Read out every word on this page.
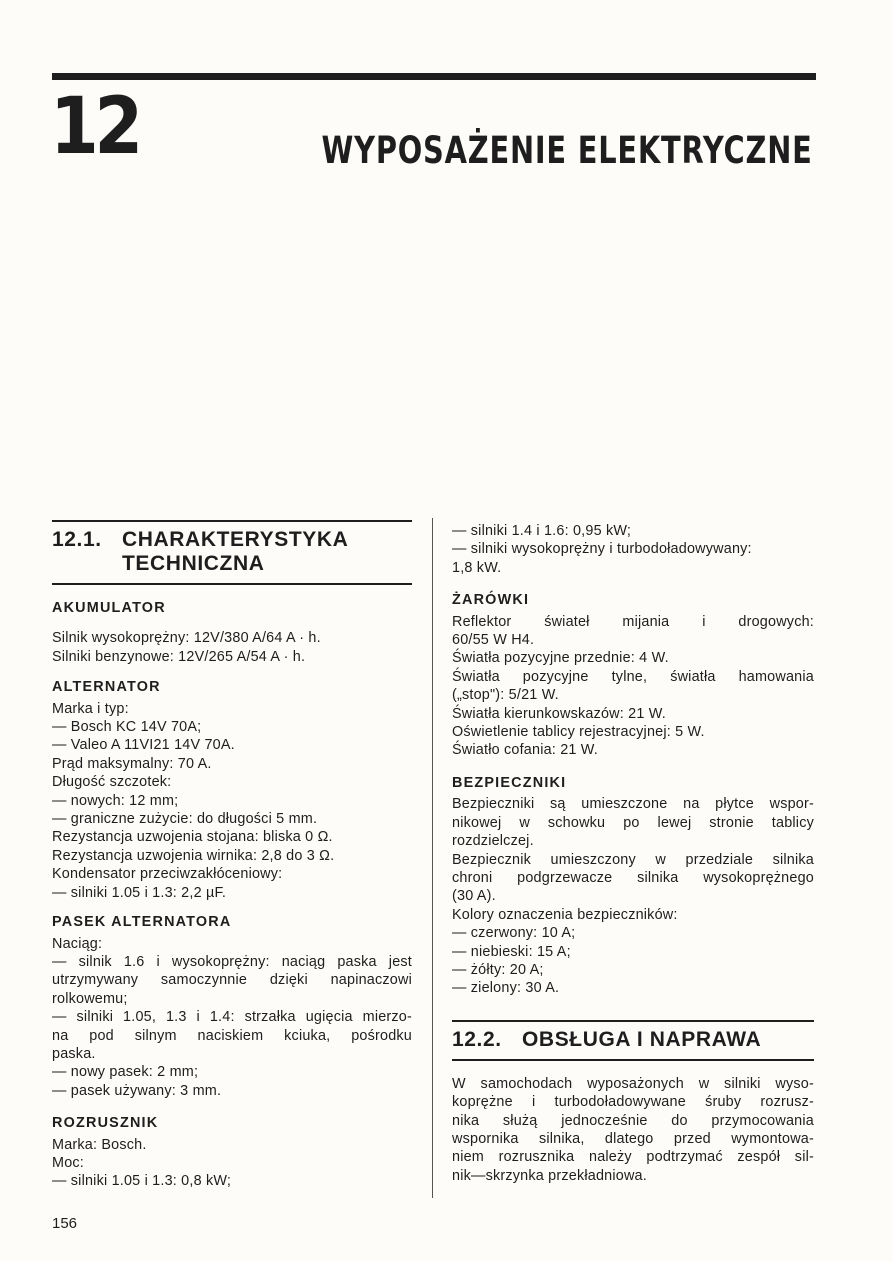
12	WYPOSAŻENIE ELEKTRYCZNE
12.1. CHARAKTERYSTYKA
TECHNICZNA
AKUMULATOR
Silnik wysokoprężny: 12V/380 A/64 A · h.
Silniki benzynowe: 12V/265 A/54 A · h.
ALTERNATOR
Marka i typ:
— Bosch KC 14V 70A;
— Valeo A 11VI21 14V 70A.
Prąd maksymalny: 70 A.
Długość szczotek:
— nowych: 12 mm;
— graniczne zużycie: do długości 5 mm.
Rezystancja uzwojenia stojana: bliska 0 Ω.
Rezystancja uzwojenia wirnika: 2,8 do 3 Ω.
Kondensator przeciwzakłóceniowy:
— silniki 1.05 i 1.3: 2,2 µF.
PASEK ALTERNATORA
Naciąg:
— silnik 1.6 i wysokoprężny: naciąg paska jest
utrzymywany samoczynnie dzięki napinaczowi
rolkowemu;
— silniki 1.05, 1.3 i 1.4: strzałka ugięcia mierzo-
na pod silnym naciskiem kciuka, pośrodku
paska.
— nowy pasek: 2 mm;
— pasek używany: 3 mm.
ROZRUSZNIK
Marka: Bosch.
Moc:
— silniki 1.05 i 1.3: 0,8 kW;
— silniki 1.4 i 1.6: 0,95 kW;
— silniki wysokoprężny i turbodoładowywany:
1,8 kW.
ŻARÓWKI
Reflektor świateł mijania i drogowych:
60/55 W H4.
Światła pozycyjne przednie: 4 W.
Światła pozycyjne tylne, światła hamowania
(„stop"): 5/21 W.
Światła kierunkowskazów: 21 W.
Oświetlenie tablicy rejestracyjnej: 5 W.
Światło cofania: 21 W.
BEZPIECZNIKI
Bezpieczniki są umieszczone na płytce wspor-
nikowej w schowku po lewej stronie tablicy
rozdzielczej.
Bezpiecznik umieszczony w przedziale silnika
chroni podgrzewacze silnika wysokoprężnego
(30 A).
Kolory oznaczenia bezpieczników:
— czerwony: 10 A;
— niebieski: 15 A;
— żółty: 20 A;
— zielony: 30 A.
12.2. OBSŁUGA I NAPRAWA
W samochodach wyposażonych w silniki wyso-
koprężne i turbodoładowywane śruby rozrusz-
nika służą jednocześnie do przymocowania
wspornika silnika, dlatego przed wymontowa-
niem rozrusznika należy podtrzymać zespół sil-
nik—skrzynka przekładniowa.
156
